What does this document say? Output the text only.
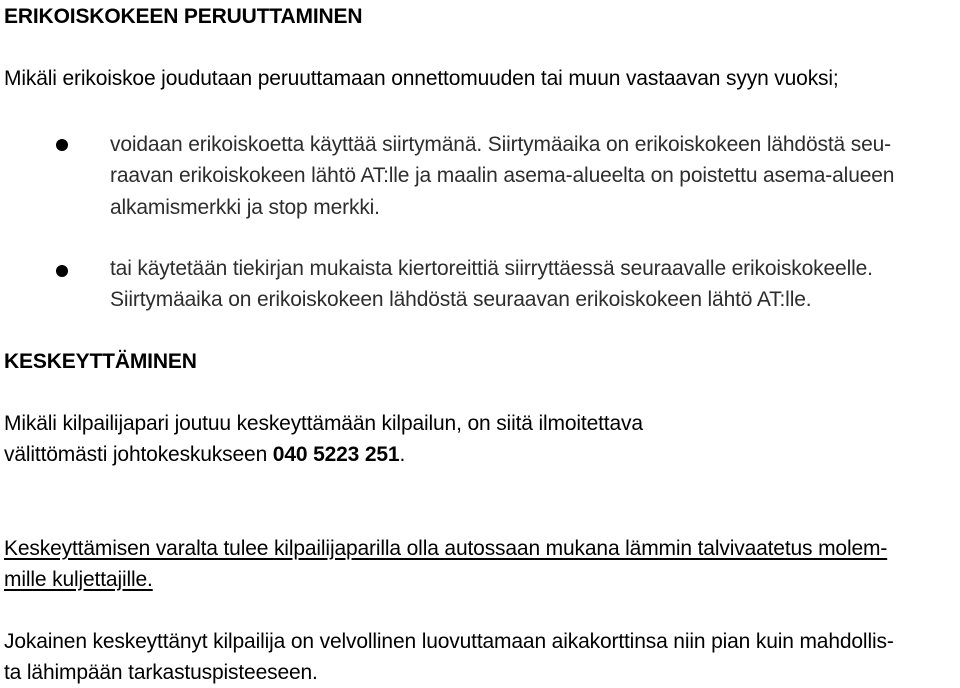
ERIKOISKOKEEN PERUUTTAMINEN

Mikäli erikoiskoe joudutaan peruuttamaan onnettomuuden tai muun vastaavan syyn vuoksi;

voidaan erikoiskoetta käyttää siirtymänä. Siirtymäaika on erikoiskokeen lähdöstä seu-

raavan erikoiskokeen lähtö AT:lle ja maalin asema-alueelta on poistettu asema-alueen

alkamismerkki ja stop merkki.

tai käytetään tiekirjan mukaista kiertoreittiä siirryttäessä seuraavalle erikoiskokeelle.

Siirtymäaika on erikoiskokeen lähdöstä seuraavan erikoiskokeen lähtö AT:lle.

KESKEYTTÄMINEN

Mikäli kilpailijapari joutuu keskeyttämään kilpailun, on siitä ilmoitettava

välittömästi johtokeskukseen 040 5223 251.

Keskeyttämisen varalta tulee kilpailijaparilla olla autossaan mukana lämmin talvivaatetus molem-

mille kuljettajille.

Jokainen keskeyttänyt kilpailija on velvollinen luovuttamaan aikakorttinsa niin pian kuin mahdollis-

ta lähimpään tarkastuspisteeseen.
